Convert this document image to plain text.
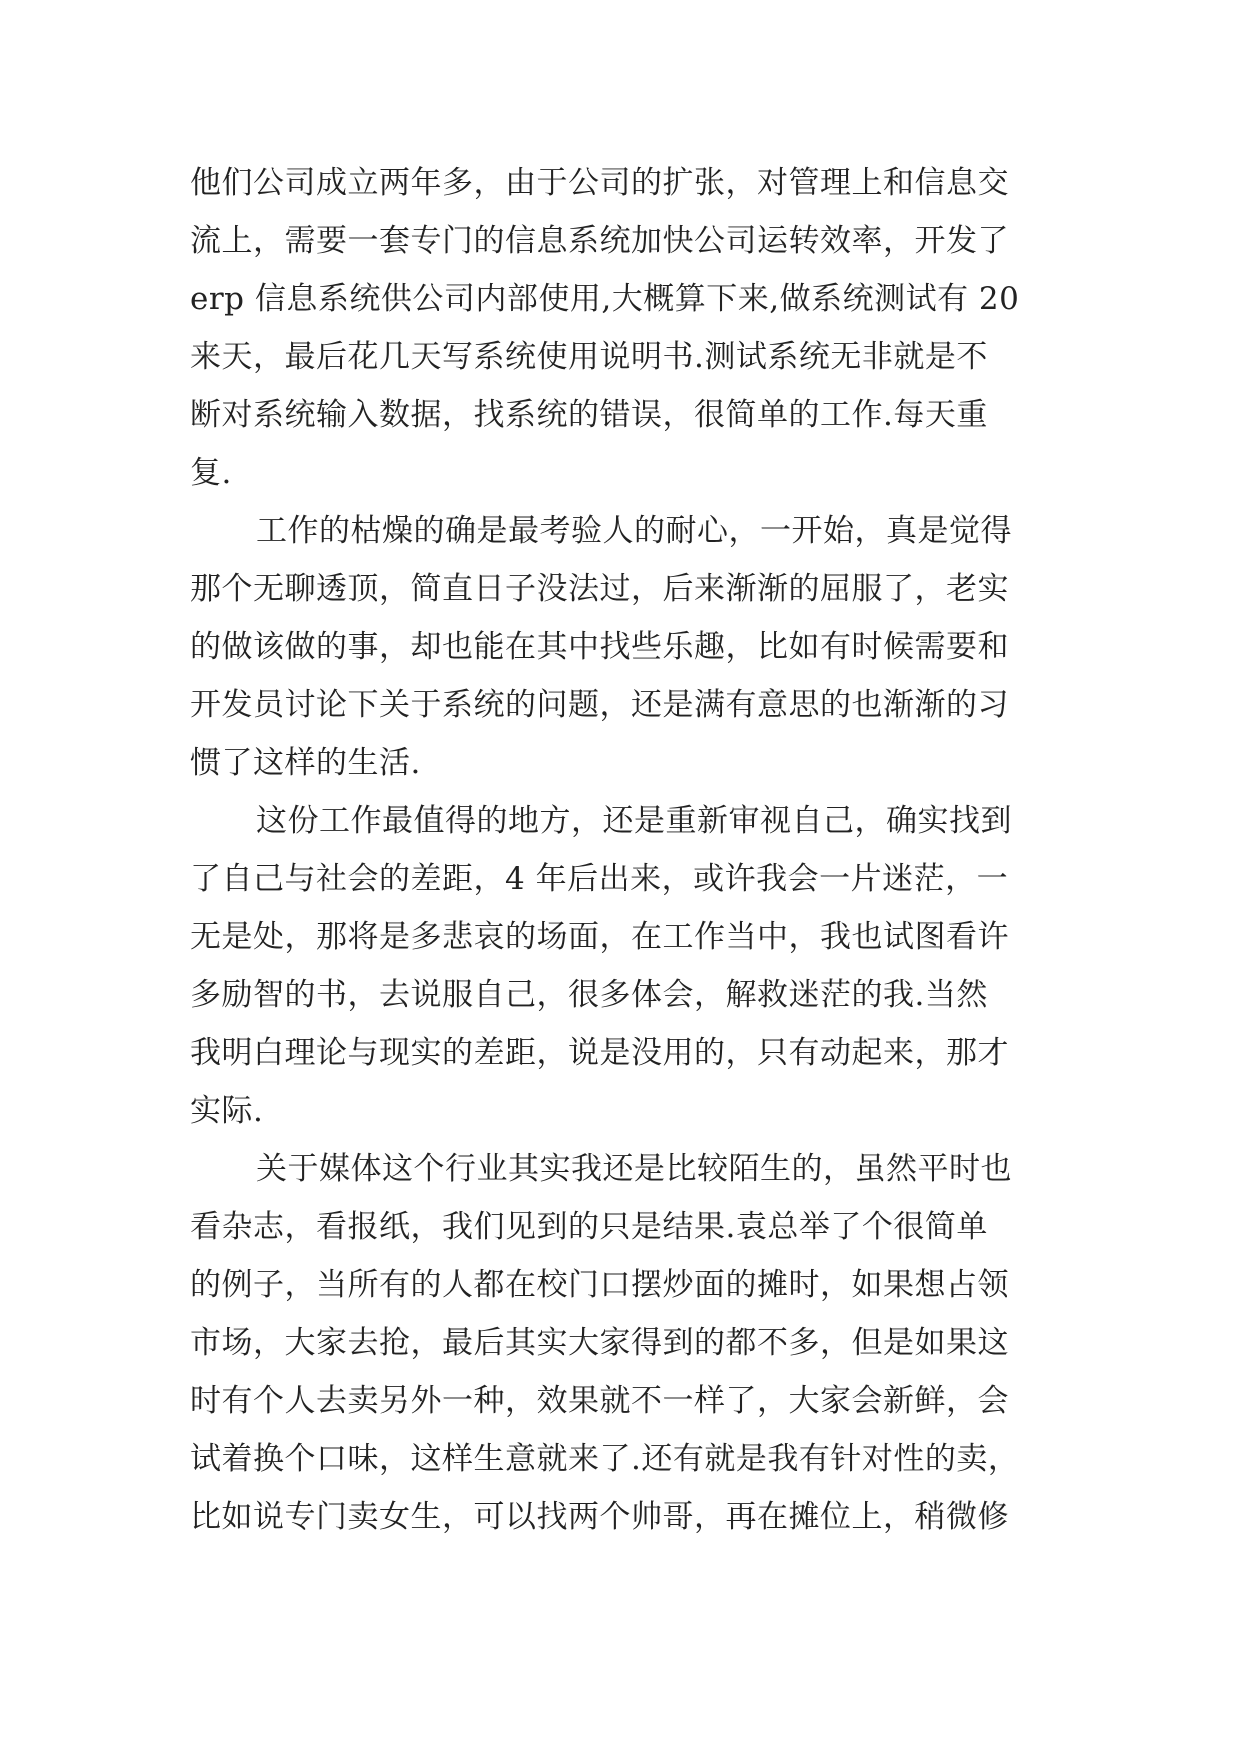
他们公司成立两年多，由于公司的扩张，对管理上和信息交
流上，需要一套专门的信息系统加快公司运转效率，开发了
erp 信息系统供公司内部使用,大概算下来,做系统测试有 20
来天，最后花几天写系统使用说明书.测试系统无非就是不
断对系统输入数据，找系统的错误，很简单的工作.每天重
复.
工作的枯燥的确是最考验人的耐心，一开始，真是觉得
那个无聊透顶，简直日子没法过，后来渐渐的屈服了，老实
的做该做的事，却也能在其中找些乐趣，比如有时候需要和
开发员讨论下关于系统的问题，还是满有意思的也渐渐的习
惯了这样的生活.
这份工作最值得的地方，还是重新审视自己，确实找到
了自己与社会的差距，4 年后出来，或许我会一片迷茫，一
无是处，那将是多悲哀的场面，在工作当中，我也试图看许
多励智的书，去说服自己，很多体会，解救迷茫的我.当然
我明白理论与现实的差距，说是没用的，只有动起来，那才
实际.
关于媒体这个行业其实我还是比较陌生的，虽然平时也
看杂志，看报纸，我们见到的只是结果.袁总举了个很简单
的例子，当所有的人都在校门口摆炒面的摊时，如果想占领
市场，大家去抢，最后其实大家得到的都不多，但是如果这
时有个人去卖另外一种，效果就不一样了，大家会新鲜，会
试着换个口味，这样生意就来了.还有就是我有针对性的卖，
比如说专门卖女生，可以找两个帅哥，再在摊位上，稍微修
